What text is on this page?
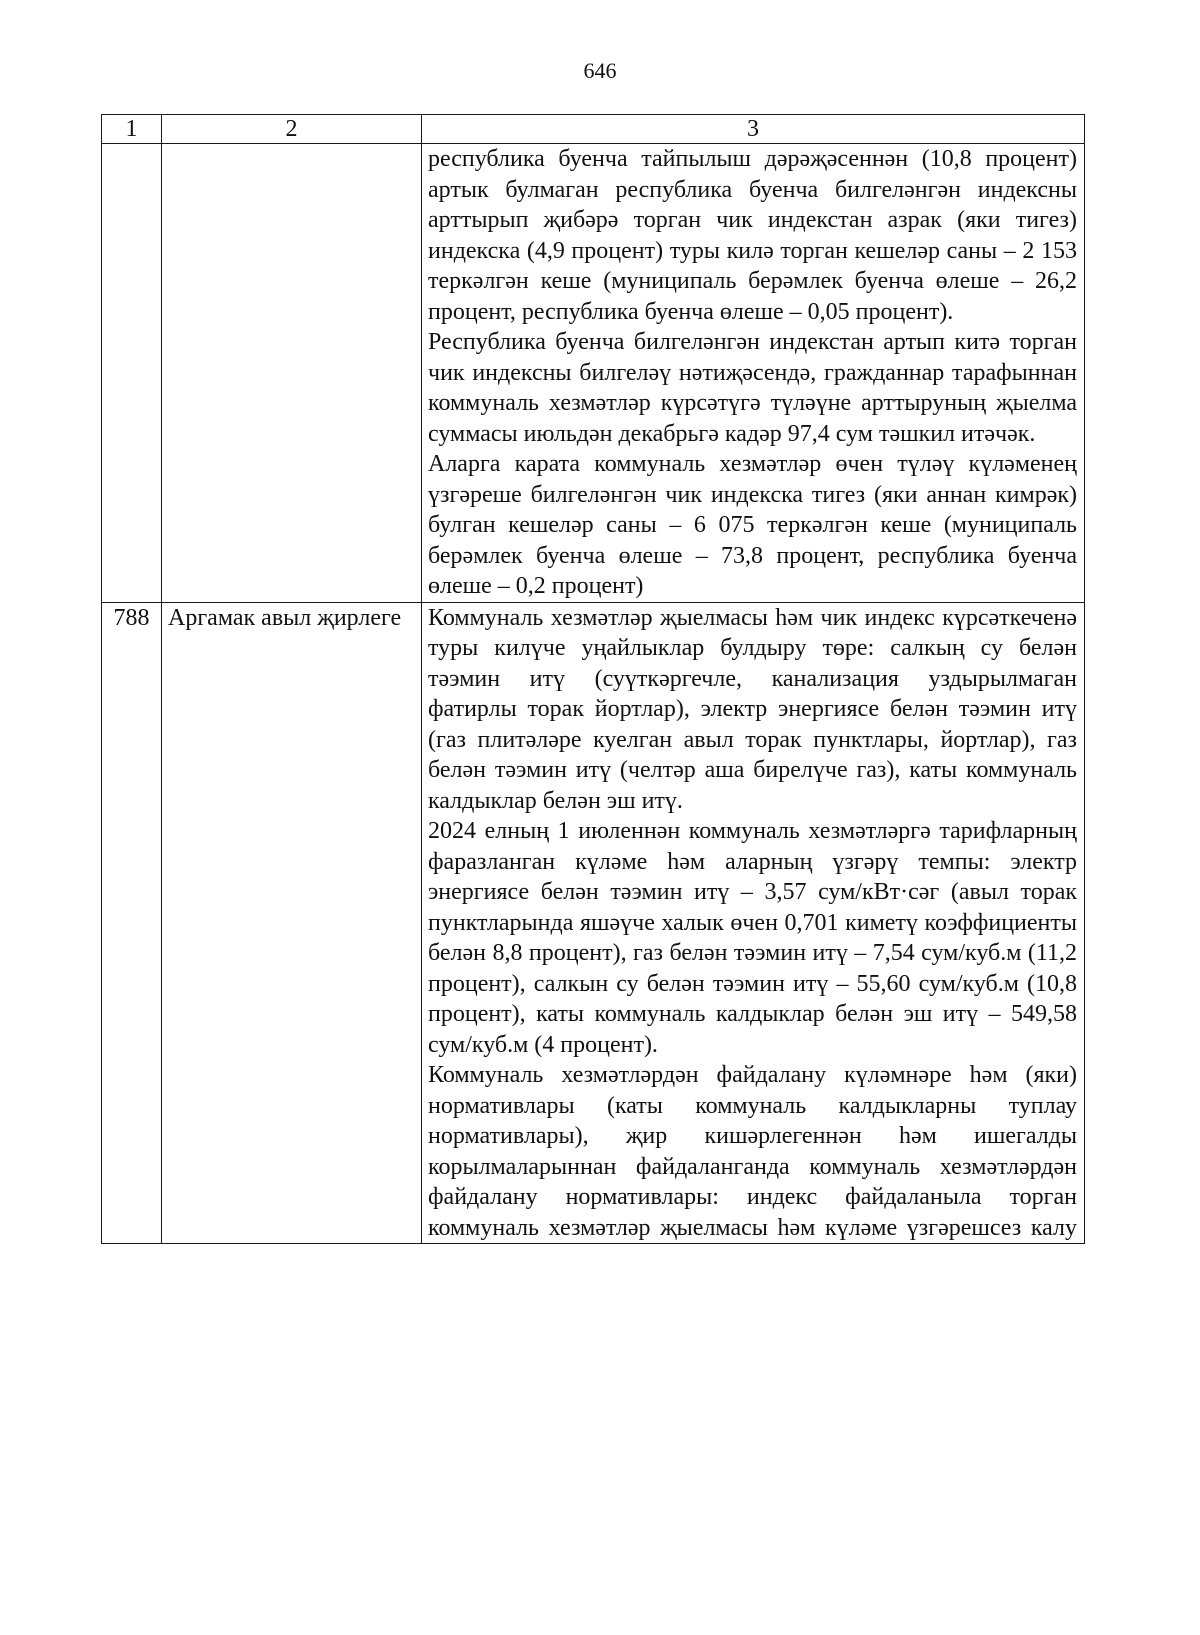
646
1	2	3

		республика буенча тайпылыш дәрәҗәсеннән (10,8 процент) артык булмаган республика буенча билгеләнгән индексны арттырып җибәрә торган чик индекстан азрак (яки тигез) индекска (4,9 процент) туры килә торган кешеләр саны – 2 153 теркәлгән кеше (муниципаль берәмлек буенча өлеше – 26,2 процент, республика буенча өлеше – 0,05 процент).

Республика буенча билгеләнгән индекстан артып китә торган чик индексны билгеләү нәтиҗәсендә, гражданнар тарафыннан коммуналь хезмәтләр күрсәтүгә түләүне арттыруның җыелма суммасы июльдән декабрьгә кадәр 97,4 сум тәшкил итәчәк.

Аларга карата коммуналь хезмәтләр өчен түләү күләменең үзгәреше билгеләнгән чик индекска тигез (яки аннан кимрәк) булган кешеләр саны – 6 075 теркәлгән кеше (муниципаль берәмлек буенча өлеше – 73,8 процент, республика буенча өлеше – 0,2 процент)

788	Аргамак авыл җирлеге	Коммуналь хезмәтләр җыелмасы һәм чик индекс күрсәткеченә туры килүче уңайлыклар булдыру төре: салкың су белән тәэмин итү (суүткәргечле, канализация уздырылмаган фатирлы торак йортлар), электр энергиясе белән тәэмин итү (газ плитәләре куелган авыл торак пунктлары, йортлар), газ белән тәэмин итү (челтәр аша бирелүче газ), каты коммуналь калдыклар белән эш итү.

2024 елның 1 июленнән коммуналь хезмәтләргә тарифларның фаразланган күләме һәм аларның үзгәрү темпы: электр энергиясе белән тәэмин итү – 3,57 сум/кВт·сәг (авыл торак пунктларында яшәүче халык өчен 0,701 киметү коэффициенты белән 8,8 процент), газ белән тәэмин итү – 7,54 сум/куб.м (11,2 процент), салкын су белән тәэмин итү – 55,60 сум/куб.м (10,8 процент), каты коммуналь калдыклар белән эш итү – 549,58 сум/куб.м (4 процент).

Коммуналь хезмәтләрдән файдалану күләмнәре һәм (яки) нормативлары (каты коммуналь калдыкларны туплау нормативлары), җир кишәрлегеннән һәм ишегалды корылмаларыннан файдаланганда коммуналь хезмәтләрдән файдалану нормативлары: индекс файдаланыла торган коммуналь хезмәтләр җыелмасы һәм күләме үзгәрешсез калу
